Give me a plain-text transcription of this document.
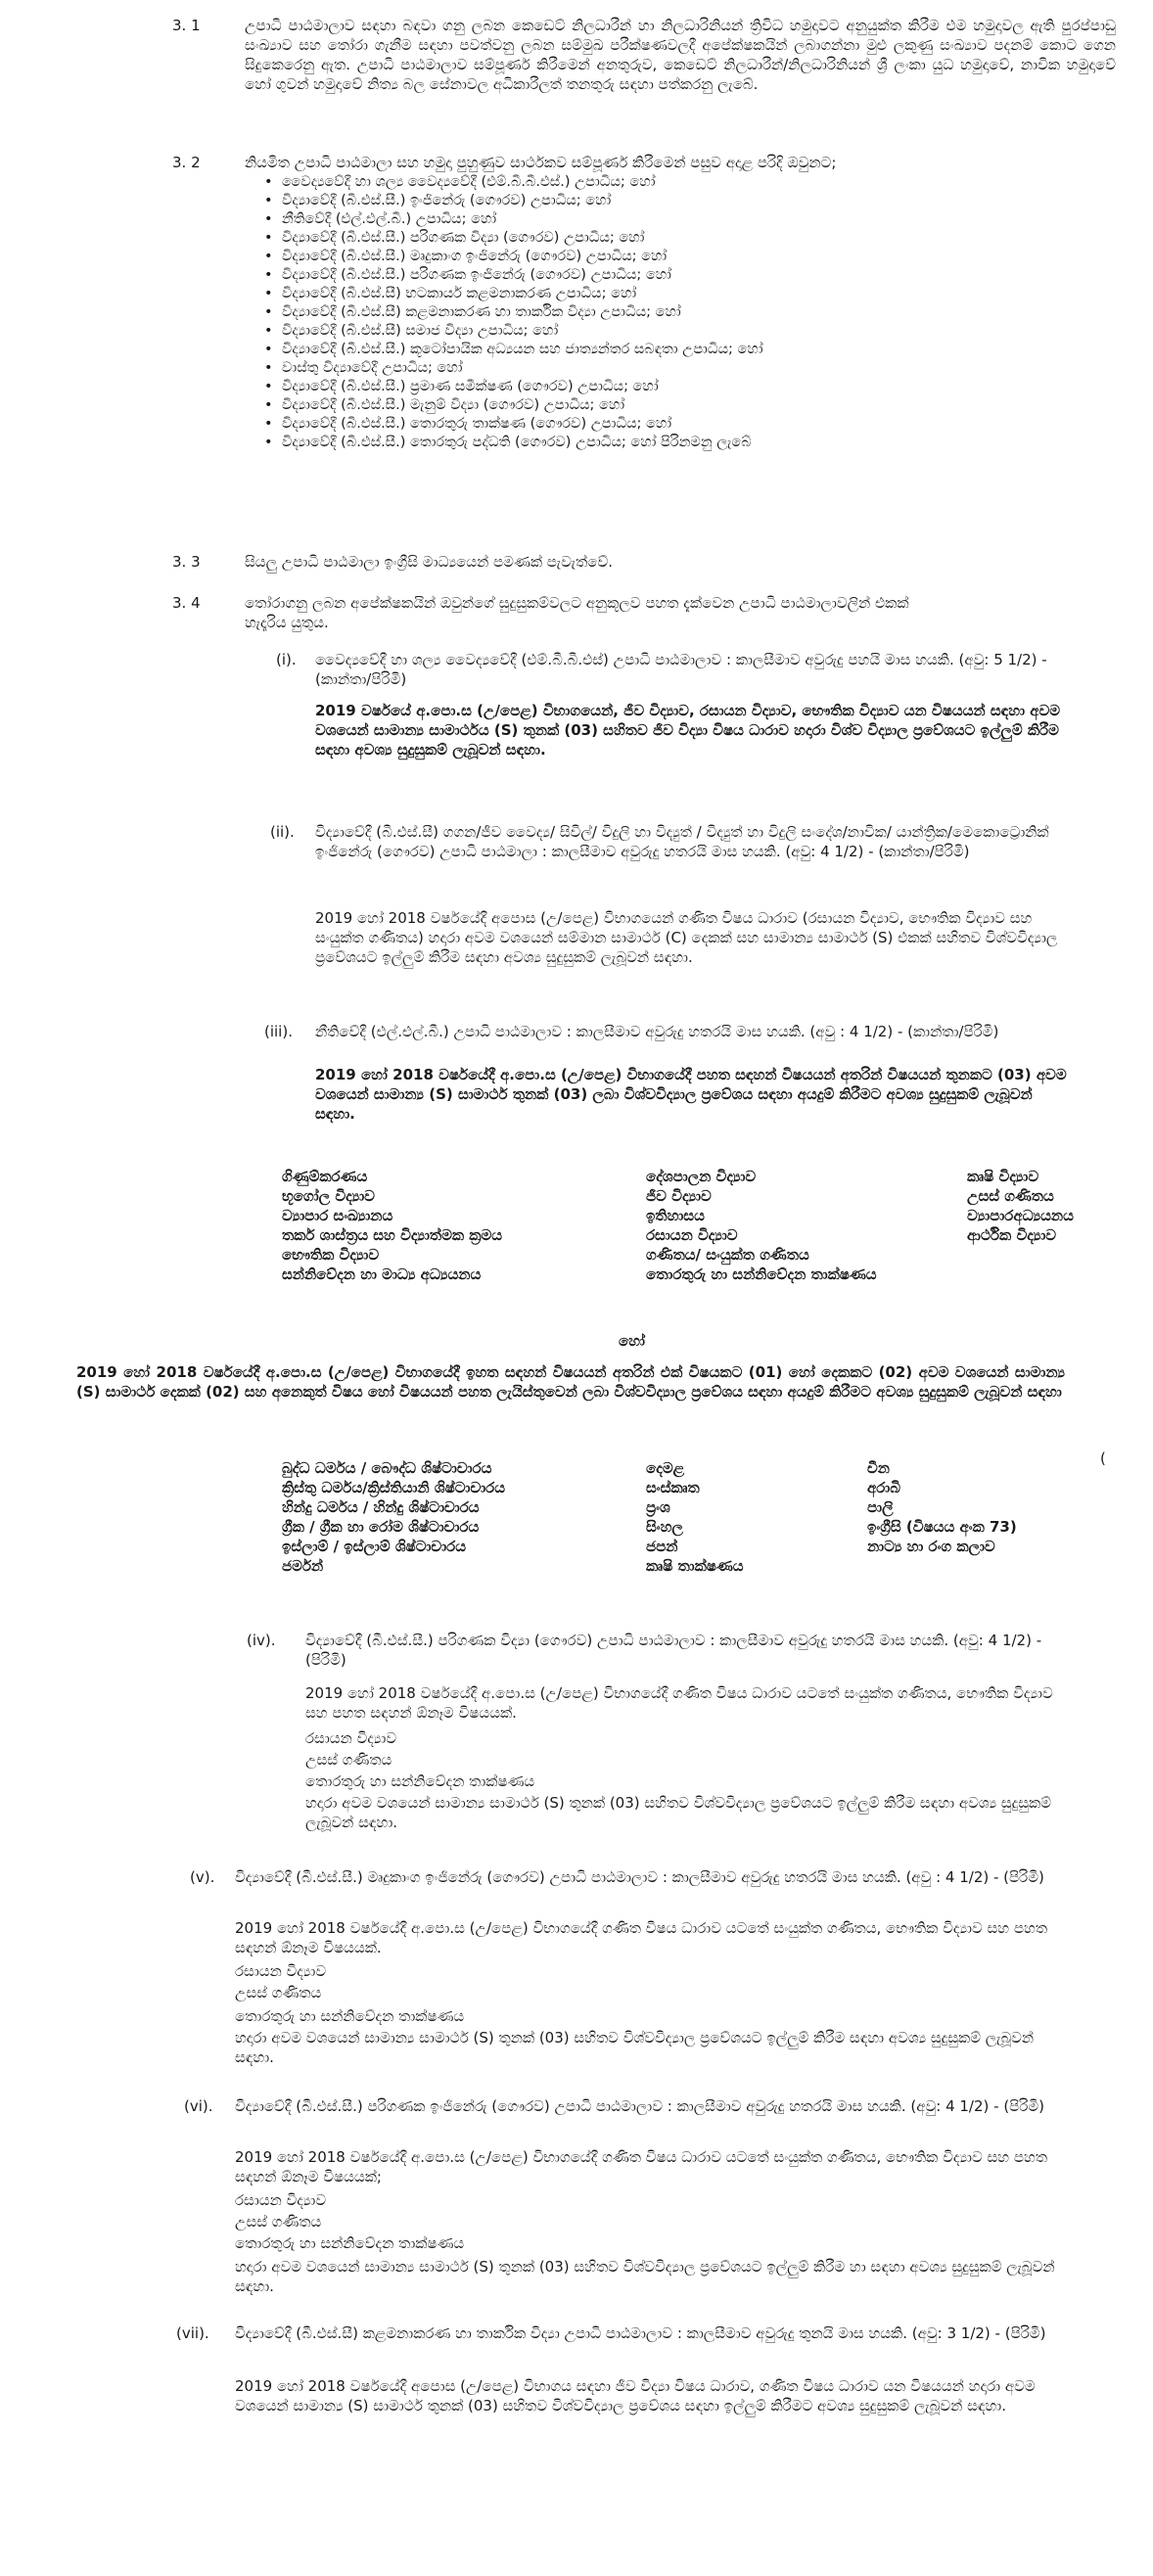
3. 1	උපාධි පාඨමාලාව සඳහා බඳවා ගනු ලබන කෙඩෙට් නිලධාරීන් හා නිලධාරිනියන් ත්‍රිවිධ හමුදාවට අනුයුක්ත කිරීම එම හමුදාවල ඇති පුරප්පාඩු සංඛ්‍යාව සහ තෝරා ගැනීම සඳහා පවත්වනු ලබන සම්මුඛ පරීක්ෂණවලදී අපේක්ෂකයින් ලබාගන්නා මුළු ලකුණු සංඛ්‍යාව පදනම් කොට ගෙන සිදුකෙරෙනු ඇත. උපාධි පාඨමාලාව සම්පූර්ණ කිරීමෙන් අනතුරුව, කෙඩෙට් නිලධාරීන්/නිලධාරිනියන් ශ්‍රී ලංකා යුධ හමුදාවේ, නාවික හමුදාවේ හෝ ගුවන් හමුදාවේ නිත්‍ය බල සේනාවල අධිකාරීලත් තනතුරු සඳහා පත්කරනු ලැබේ.
3. 2	නියමිත උපාධි පාඨමාලා සහ හමුදා පුහුණුව සාර්ථකව සම්පූර්ණ කිරීමෙන් පසුව අදාළ පරිදි ඔවුනට;
• වෛද්‍යවේදී හා ශල්‍ය වෛද්‍යවේදී (එම්.බී.බී.එස්.) උපාධිය; හෝ
• විද්‍යාවේදී (බී.එස්.සී.) ඉංජිනේරු (ගෞරව) උපාධිය; හෝ
• නීතිවේදී (එල්.එල්.බී.) උපාධිය; හෝ
• විද්‍යාවේදී (බී.එස්.සී.) පරිගණක විද්‍යා (ගෞරව) උපාධිය; හෝ
• විද්‍යාවේදී (බී.එස්.සී.) මෘදුකාංග ඉංජිනේරු (ගෞරව) උපාධිය; හෝ
• විද්‍යාවේදී (බී.එස්.සී.) පරිගණක ඉංජිනේරු (ගෞරව) උපාධිය; හෝ
• විද්‍යාවේදී (බී.එස්.සී) භටකාර්ය කළමනාකරණ උපාධිය; හෝ
• විද්‍යාවේදී (බී.එස්.සී) කළමනාකරණ හා තාර්කික විද්‍යා උපාධිය; හෝ
• විද්‍යාවේදී (බී.එස්.සී) සමාජ විද්‍යා උපාධිය; හෝ
• විද්‍යාවේදී (බී.එස්.සී.) කූටෝපායික අධ්‍යයන සහ ජාත්‍යන්තර සබඳතා උපාධිය; හෝ
• වාස්තු විද්‍යාවේදී උපාධිය; හෝ
• විද්‍යාවේදී (බී.එස්.සී.) ප්‍රමාණ සමීක්ෂණ (ගෞරව) උපාධිය; හෝ
• විද්‍යාවේදී (බී.එස්.සී.) මැනුම් විද්‍යා (ගෞරව) උපාධිය; හෝ
• විද්‍යාවේදී (බී.එස්.සී.) තොරතුරු තාක්ෂණ (ගෞරව) උපාධිය; හෝ
• විද්‍යාවේදී (බී.එස්.සී.) තොරතුරු පද්ධති (ගෞරව) උපාධිය; හෝ පිරිනමනු ලැබේ
3. 3	සියලු උපාධි පාඨමාලා ඉංග්‍රීසි මාධ්‍යයෙන් පමණක් පැවැත්වේ.
3. 4	තෝරාගනු ලබන අපේක්ෂකයින් ඔවුන්ගේ සුදුසුකම්වලට අනුකූලව පහත දැක්වෙන උපාධි පාඨමාලාවලින් එකක් හැදෑරිය යුතුය.
(i). වෛද්‍යවේදී හා ශල්‍ය වෛද්‍යවේදී (එම්.බී.බී.එස්) උපාධි පාඨමාලාව : කාලසීමාව අවුරුදු පහයි මාස හයකි. (අවු: 5 1/2) - (කාන්තා/පිරිමි)
2019 වර්ෂයේ අ.පො.ස (උ/පෙළ) විභාගයෙන්, ජීව විද්‍යාව, රසායන විද්‍යාව, භෞතික විද්‍යාව යන විෂයයන් සඳහා අවම වශයෙන් සාමාන්‍ය සාමාර්ථය (S) තුනක් (03) සහිතව ජීව විද්‍යා විෂය ධාරාව හදාරා විශ්ව විද්‍යාල ප්‍රවේශයට ඉල්ලුම් කිරීම සඳහා අවශ්‍ය සුදුසුකම් ලැබූවන් සඳහා.
(ii). විද්‍යාවේදී (බී.එස්.සී) ගගන/ජීව වෛද්‍ය/ සිවිල්/ විදුලි හා විද්‍යුත් / විද්‍යුත් හා විදුලි සංදේශ/නාවික/ යාන්ත්‍රික/මෙකොට්‍රොනික් ඉංජිනේරු (ගෞරව) උපාධි පාඨමාලා : කාලසීමාව අවුරුදු හතරයි මාස හයකි. (අවු: 4 1/2) - (කාන්තා/පිරිමි)
2019 හෝ 2018 වර්ෂයේදී අපොස (උ/පෙළ) විභාගයෙන් ගණිත විෂය ධාරාව (රසායන විද්‍යාව, භෞතික විද්‍යාව සහ සංයුක්ත ගණිතය) හදාරා අවම වශයෙන් සම්මාන සාමාර්ථ (C) දෙකක් සහ සාමාන්‍ය සාමාර්ථ (S) එකක් සහිතව විශ්වවිද්‍යාල ප්‍රවේශයට ඉල්ලුම් කිරීම සඳහා අවශ්‍ය සුදුසුකම් ලැබූවන් සඳහා.
(iii). නීතිවේදී (එල්.එල්.බී.) උපාධි පාඨමාලාව : කාලසීමාව අවුරුදු හතරයි මාස හයකි. (අවු : 4 1/2) - (කාන්තා/පිරිමි)
2019 හෝ 2018 වර්ෂයේදී අ.පො.ස (උ/පෙළ) විභාගයේදී පහත සඳහන් විෂයයන් අතරින් විෂයයන් තුනකට (03) අවම වශයෙන් සාමාන්‍ය (S) සාමාර්ථ තුනක් (03) ලබා විශ්වවිද්‍යාල ප්‍රවේශය සඳහා අයදුම් කිරීමට අවශ්‍ය සුදුසුකම් ලැබූවන් සඳහා.
ගිණුම්කරණය	දේශපාලන විද්‍යාව	කෘෂි විද්‍යාව
භූගෝල විද්‍යාව	ජීව විද්‍යාව	උසස් ගණිතය
ව්‍යාපාර සංඛ්‍යානය	ඉතිහාසය	ව්‍යාපාරඅධ්‍යයනය
තර්ක ශාස්ත්‍රය සහ විද්‍යාත්මක ක්‍රමය	රසායන විද්‍යාව	ආර්ථික විද්‍යාව
භෞතික විද්‍යාව	ගණිතය/ සංයුක්ත ගණිතය
සන්නිවේදන හා මාධ්‍ය අධ්‍යයනය	තොරතුරු හා සන්නිවේදන තාක්ෂණය
හෝ
2019 හෝ 2018 වර්ෂයේදී අ.පො.ස (උ/පෙළ) විභාගයේදී ඉහත සඳහන් විෂයයන් අතරින් එක් විෂයකට (01) හෝ දෙකකට (02) අවම වශයෙන් සාමාන්‍ය (S) සාමාර්ථ දෙකක් (02) සහ අනෙකුත් විෂය හෝ විෂයයන් පහත ලැයිස්තුවෙන් ලබා විශ්වවිද්‍යාල ප්‍රවේශය සඳහා අයදුම් කිරීමට අවශ්‍ය සුදුසුකම් ලැබූවන් සඳහා
(
බුද්ධ ධර්මය / බෞද්ධ ශිෂ්ටාචාරය	දෙමළ	චීන
ක්‍රිස්තු ධර්මය/ක්‍රිස්තියානි ශිෂ්ටාචාරය	සංස්කෘත	අරාබි
හින්දු ධර්මය / හින්දු ශිෂ්ටාචාරය	ප්‍රංශ	පාලි
ග්‍රීක / ග්‍රීක හා රෝම ශිෂ්ටාචාරය	සිංහල	ඉංග්‍රීසි (විෂයය අංක 73)
ඉස්ලාම් / ඉස්ලාම් ශිෂ්ටාචාරය	ජපන්	නාට්‍ය හා රංග කලාව
ජර්මන්	කෘෂි තාක්ෂණය
(iv). විද්‍යාවේදී (බී.එස්.සී.) පරිගණක විද්‍යා (ගෞරව) උපාධි පාඨමාලාව : කාලසීමාව අවුරුදු හතරයි මාස හයකි. (අවු: 4 1/2) - (පිරිමි)
2019 හෝ 2018 වර්ෂයේදී අ.පො.ස (උ/පෙළ) විභාගයේදී ගණිත විෂය ධාරාව යටතේ සංයුක්ත ගණිතය, භෞතික විද්‍යාව සහ පහත සඳහන් ඕනෑම විෂයයක්.
රසායන විද්‍යාව
උසස් ගණිතය
තොරතුරු හා සන්නිවේදන තාක්ෂණය
හදාරා අවම වශයෙන් සාමාන්‍ය සාමාර්ථ (S) තුනක් (03) සහිතව විශ්වවිද්‍යාල ප්‍රවේශයට ඉල්ලුම් කිරීම සඳහා අවශ්‍ය සුදුසුකම් ලැබූවන් සඳහා.
(v). විද්‍යාවේදී (බී.එස්.සී.) මෘදුකාංග ඉංජිනේරු (ගෞරව) උපාධි පාඨමාලාව : කාලසීමාව අවුරුදු හතරයි මාස හයකි. (අවු : 4 1/2) - (පිරිමි)
2019 හෝ 2018 වර්ෂයේදී අ.පො.ස (උ/පෙළ) විභාගයේදී ගණිත විෂය ධාරාව යටතේ සංයුක්ත ගණිතය, භෞතික විද්‍යාව සහ පහත සඳහන් ඕනෑම විෂයයක්.
රසායන විද්‍යාව
උසස් ගණිතය
තොරතුරු හා සන්නිවේදන තාක්ෂණය
හදාරා අවම වශයෙන් සාමාන්‍ය සාමාර්ථ (S) තුනක් (03) සහිතව විශ්වවිද්‍යාල ප්‍රවේශයට ඉල්ලුම් කිරීම සඳහා අවශ්‍ය සුදුසුකම් ලැබූවන් සඳහා.
(vi). විද්‍යාවේදී (බී.එස්.සී.) පරිගණක ඉංජිනේරු (ගෞරව) උපාධි පාඨමාලාව : කාලසීමාව අවුරුදු හතරයි මාස හයකි. (අවු: 4 1/2) - (පිරිමි)
2019 හෝ 2018 වර්ෂයේදී අ.පො.ස (උ/පෙළ) විභාගයේදී ගණිත විෂය ධාරාව යටතේ සංයුක්ත ගණිතය, භෞතික විද්‍යාව සහ පහත සඳහන් ඕනෑම විෂයයක්;
රසායන විද්‍යාව
උසස් ගණිතය
තොරතුරු හා සන්නිවේදන තාක්ෂණය
හදාරා අවම වශයෙන් සාමාන්‍ය සාමාර්ථ (S) තුනක් (03) සහිතව විශ්වවිද්‍යාල ප්‍රවේශයට ඉල්ලුම් කිරීම හා සඳහා අවශ්‍ය සුදුසුකම් ලැබූවන් සඳහා.
(vii). විද්‍යාවේදී (බී.එස්.සී) කළමනාකරණ හා තාර්කික විද්‍යා උපාධි පාඨමාලාව : කාලසීමාව අවුරුදු තුනයි මාස හයකි. (අවු: 3 1/2) - (පිරිමි)
2019 හෝ 2018 වර්ෂයේදී අපොස (උ/පෙළ) විභාගය සඳහා ජීව විද්‍යා විෂය ධාරාව, ගණිත විෂය ධාරාව යන විෂයයන් හදාරා අවම වශයෙන් සාමාන්‍ය (S) සාමාර්ථ තුනක් (03) සහිතව විශ්වවිද්‍යාල ප්‍රවේශය සඳහා ඉල්ලුම් කිරීමට අවශ්‍ය සුදුසුකම් ලැබූවන් සඳහා.
